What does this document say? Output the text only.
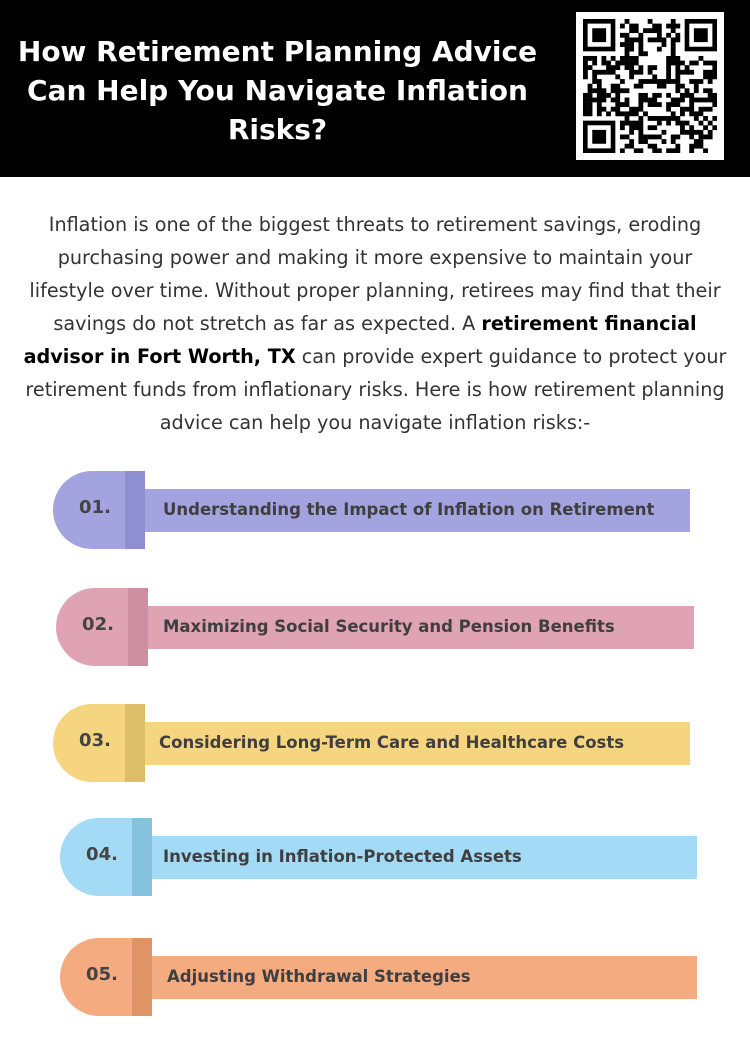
How Retirement Planning Advice Can Help You Navigate Inflation Risks?

Inflation is one of the biggest threats to retirement savings, eroding purchasing power and making it more expensive to maintain your lifestyle over time. Without proper planning, retirees may find that their savings do not stretch as far as expected. A retirement financial advisor in Fort Worth, TX can provide expert guidance to protect your retirement funds from inflationary risks. Here is how retirement planning advice can help you navigate inflation risks:-

01.	Understanding the Impact of Inflation on Retirement
02.	Maximizing Social Security and Pension Benefits
03.	Considering Long-Term Care and Healthcare Costs
04.	Investing in Inflation-Protected Assets
05.	Adjusting Withdrawal Strategies
